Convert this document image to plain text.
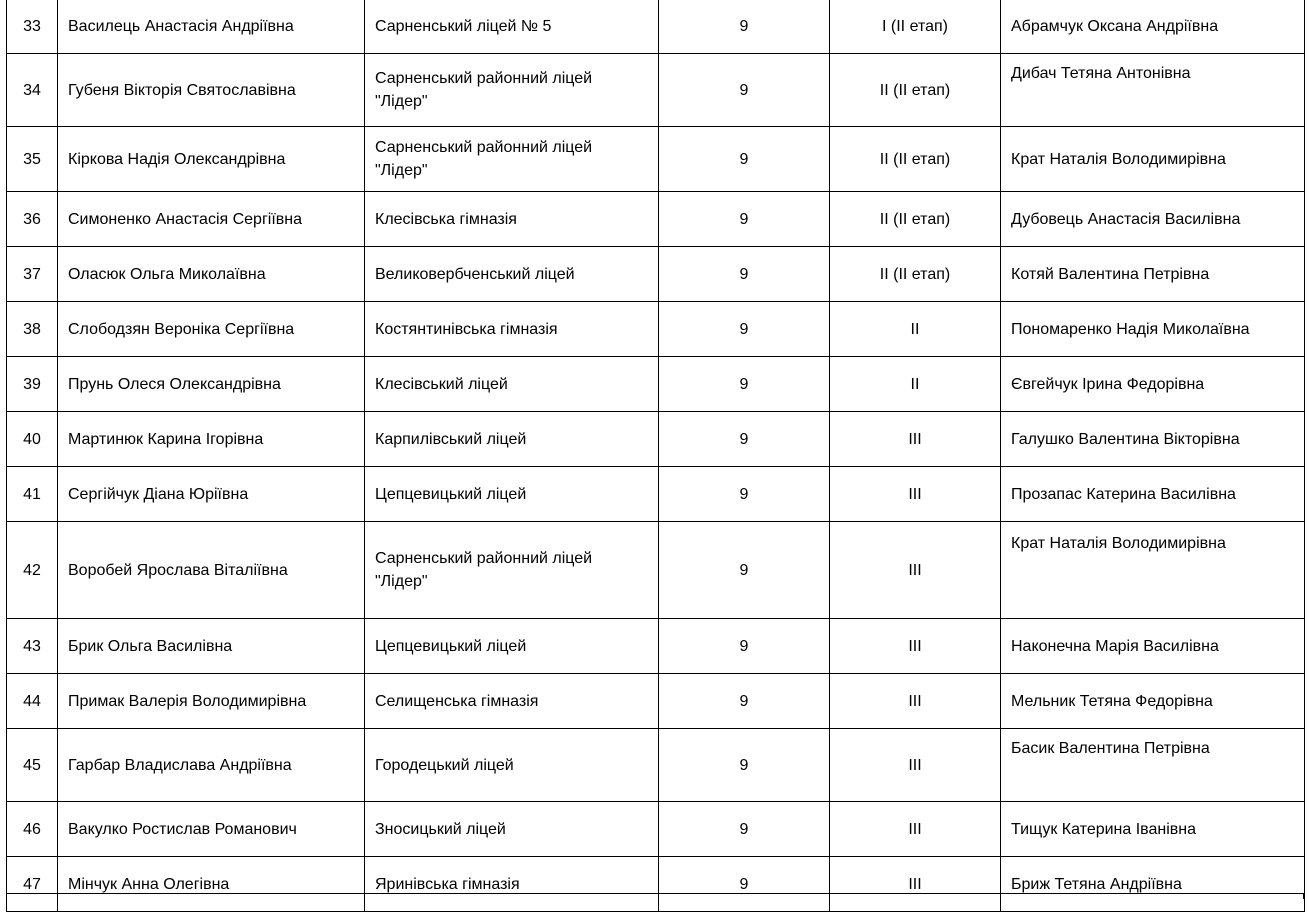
33	Василець Анастасія Андріївна	Сарненський ліцей № 5	9	I (II етап)	Абрамчук Оксана Андріївна
34	Губеня Вікторія Святославівна	Сарненський районний ліцей "Лідер"	9	II (II етап)	Дибач Тетяна Антонівна
35	Кіркова Надія Олександрівна	Сарненський районний ліцей "Лідер"	9	II (II етап)	Крат Наталія Володимирівна
36	Симоненко Анастасія Сергіївна	Клесівська гімназія	9	II (II етап)	Дубовець Анастасія Василівна
37	Оласюк Ольга Миколаївна	Великовербченський ліцей	9	II (II етап)	Котяй Валентина Петрівна
38	Слободзян Вероніка Сергіївна	Костянтинівська гімназія	9	II	Пономаренко Надія Миколаївна
39	Прунь Олеся Олександрівна	Клесівський ліцей	9	II	Євгейчук Ірина Федорівна
40	Мартинюк Карина Ігорівна	Карпилівський ліцей	9	III	Галушко Валентина Вікторівна
41	Сергійчук Діана Юріївна	Цепцевицький ліцей	9	III	Прозапас Катерина Василівна
42	Воробей Ярослава Віталіївна	Сарненський районний ліцей "Лідер"	9	III	Крат Наталія Володимирівна
43	Брик Ольга Василівна	Цепцевицький ліцей	9	III	Наконечна Марія Василівна
44	Примак Валерія Володимирівна	Селищенська гімназія	9	III	Мельник Тетяна Федорівна
45	Гарбар Владислава Андріївна	Городецький ліцей	9	III	Басик Валентина Петрівна
46	Вакулко Ростислав Романович	Зносицький ліцей	9	III	Тищук Катерина Іванівна
47	Мінчук Анна Олегівна	Яринівська гімназія	9	III	Бриж Тетяна Андріївна
